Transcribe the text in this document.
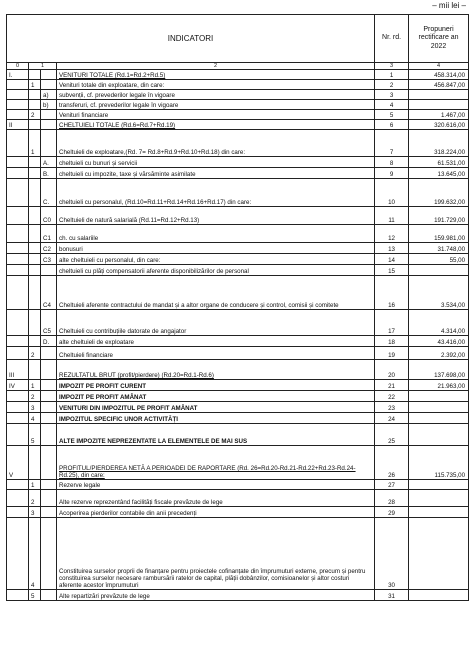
– mii lei –
INDICATORI				Nr. rd.	Propuneri rectificare an 2022
0	1		2	3	4
I.			VENITURI TOTALE (Rd.1=Rd.2+Rd.5)	1	458.314,00
	1		Venituri totale din exploatare, din care:	2	456.847,00
		a)	subvenții, cf. prevederilor legale în vigoare	3	
		b)	transferuri, cf. prevederilor legale în vigoare	4	
	2		Venituri financiare	5	1.467,00
II			CHELTUIELI TOTALE (Rd.6=Rd.7+Rd.19)	6	320.616,00
	1		Cheltuieli de exploatare,(Rd. 7= Rd.8+Rd.9+Rd.10+Rd.18) din care:	7	318.224,00
		A.	cheltuieli cu bunuri și servicii	8	61.531,00
		B.	cheltuieli cu impozite, taxe și vărsăminte asimilate	9	13.645,00
		C.	cheltuieli cu personalul, (Rd.10=Rd.11+Rd.14+Rd.16+Rd.17) din care:	10	199.632,00
		C0	Cheltuieli de natură salarială (Rd.11=Rd.12+Rd.13)	11	191.729,00
		C1	ch. cu salariile	12	159.981,00
		C2	bonusuri	13	31.748,00
		C3	alte cheltuieli cu personalul, din care:	14	55,00
			cheltuieli cu plăți compensatorii aferente disponibilizărilor de personal	15	
		C4	Cheltuieli aferente contractului de mandat și a altor organe de conducere și control, comisii și comitete	16	3.534,00
		C5	Cheltuieli cu contribuțiile datorate de angajator	17	4.314,00
		D.	alte cheltuieli de exploatare	18	43.416,00
	2		Cheltuieli financiare	19	2.392,00
III			REZULTATUL BRUT (profit/pierdere) (Rd.20=Rd.1-Rd.6)	20	137.698,00
IV	1		IMPOZIT PE PROFIT CURENT	21	21.963,00
	2		IMPOZIT PE PROFIT AMÂNAT	22	
	3		VENITURI DIN IMPOZITUL PE PROFIT AMÂNAT	23	
	4		IMPOZITUL SPECIFIC UNOR ACTIVITĂȚI	24	
	5		ALTE IMPOZITE NEPREZENTATE LA ELEMENTELE DE MAI SUS	25	
V			PROFITUL/PIERDEREA NETĂ A PERIOADEI DE RAPORTARE (Rd. 26=Rd.20-Rd.21-Rd.22+Rd.23-Rd.24-Rd.25), din care:	26	115.735,00
	1		Rezerve legale	27	
	2		Alte rezerve reprezentând facilități fiscale prevăzute de lege	28	
	3		Acoperirea pierderilor contabile din anii precedenți	29	
	4		Constituirea surselor proprii de finanțare pentru proiectele cofinanțate din împrumuturi externe, precum și pentru constituirea surselor necesare rambursării ratelor de capital, plății dobânzilor, comisioanelor și altor costuri aferente acestor împrumuturi	30	
	5		Alte repartizări prevăzute de lege	31	
